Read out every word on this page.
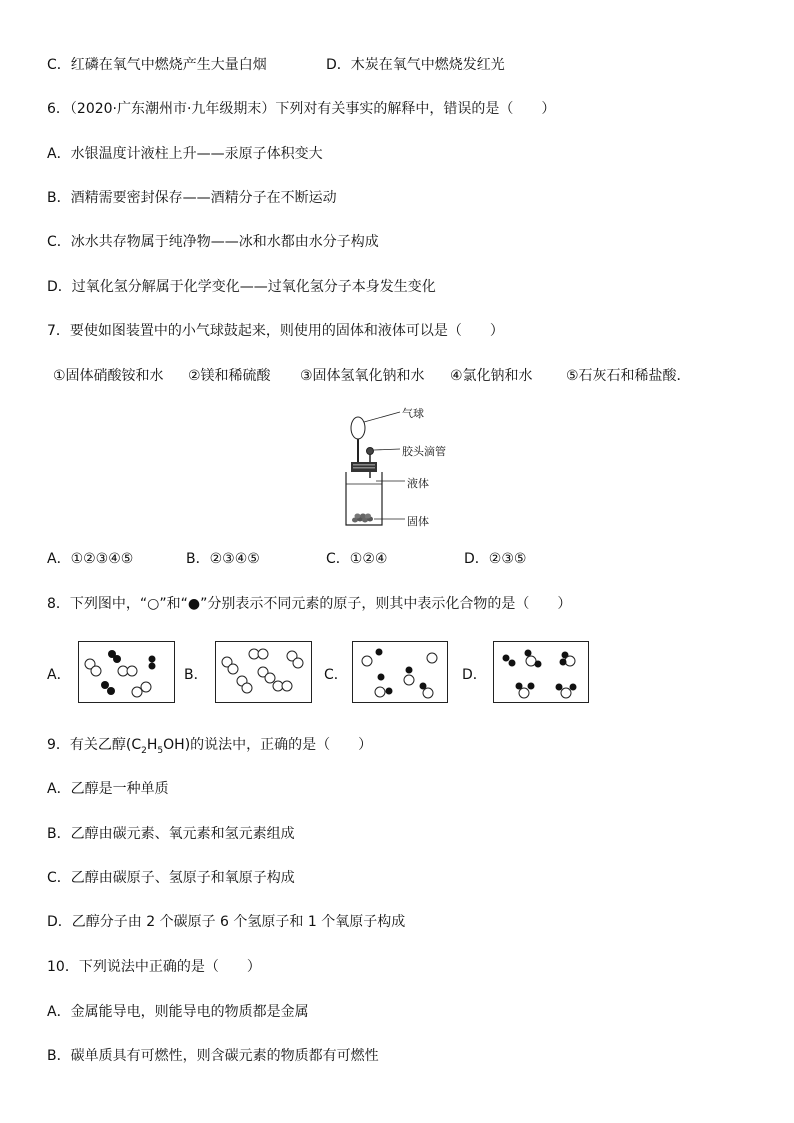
C．红磷在氧气中燃烧产生大量白烟	D．木炭在氧气中燃烧发红光
6．（2020·广东潮州市·九年级期末）下列对有关事实的解释中，错误的是（　　）
A．水银温度计液柱上升——汞原子体积变大
B．酒精需要密封保存——酒精分子在不断运动
C．冰水共存物属于纯净物——冰和水都由水分子构成
D．过氧化氢分解属于化学变化——过氧化氢分子本身发生变化
7．要使如图装置中的小气球鼓起来，则使用的固体和液体可以是（　　）
①固体硝酸铵和水 ②镁和稀硫酸 ③固体氢氧化钠和水 ④氯化钠和水 ⑤石灰石和稀盐酸．
气球
胶头滴管
液体
固体
A．①②③④⑤	B．②③④⑤	C．①②④	D．②③⑤
8．下列图中，“○”和“●”分别表示不同元素的原子，则其中表示化合物的是（　　）
A．	B．	C．	D．
9．有关乙醇$(C_2H_5OH)$的说法中，正确的是（　　）
A．乙醇是一种单质
B．乙醇由碳元素、氧元素和氢元素组成
C．乙醇由碳原子、氢原子和氧原子构成
D．乙醇分子由 2 个碳原子 6 个氢原子和 1 个氧原子构成
10．下列说法中正确的是（　　）
A．金属能导电，则能导电的物质都是金属
B．碳单质具有可燃性，则含碳元素的物质都有可燃性
